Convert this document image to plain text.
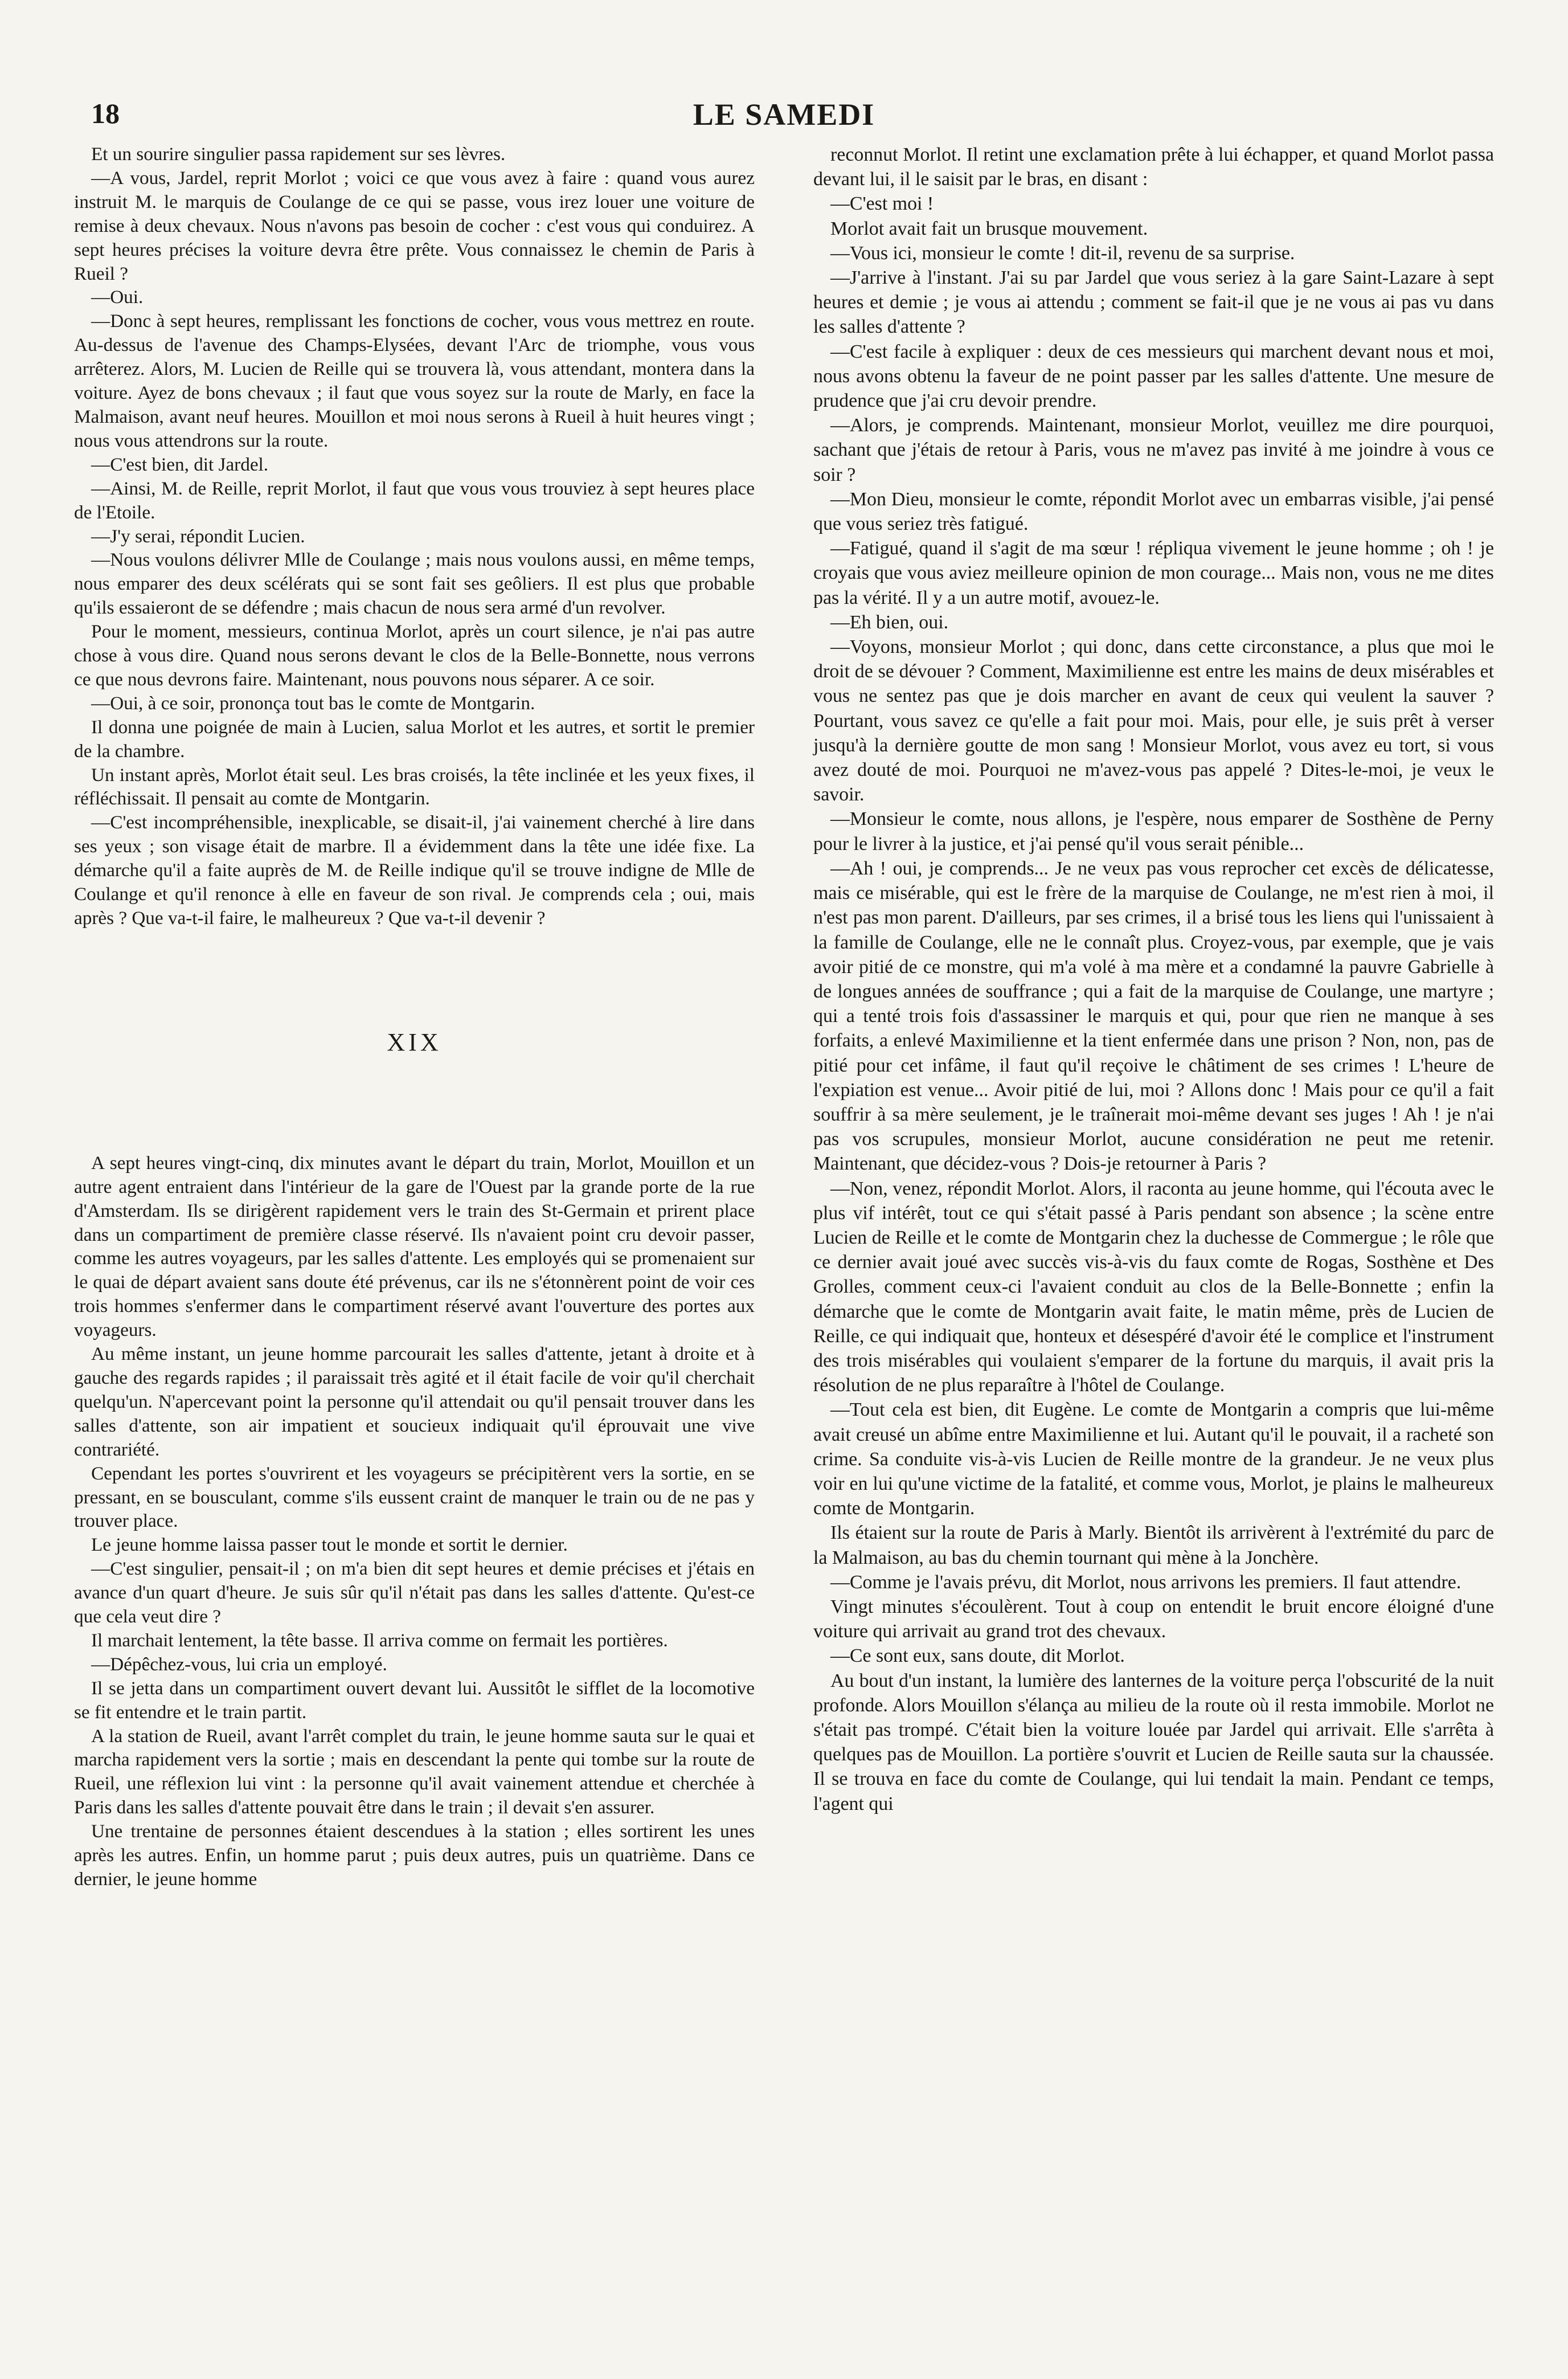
18	LE SAMEDI

Et un sourire singulier passa rapidement sur ses lèvres.

—A vous, Jardel, reprit Morlot ; voici ce que vous avez à faire : quand vous aurez instruit M. le marquis de Coulange de ce qui se passe, vous irez louer une voiture de remise à deux chevaux. Nous n'avons pas besoin de cocher : c'est vous qui conduirez. A sept heures précises la voiture devra être prête. Vous connaissez le chemin de Paris à Rueil ?

—Oui.

—Donc à sept heures, remplissant les fonctions de cocher, vous vous mettrez en route. Au-dessus de l'avenue des Champs-Elysées, devant l'Arc de triomphe, vous vous arrêterez. Alors, M. Lucien de Reille qui se trouvera là, vous attendant, montera dans la voiture. Ayez de bons chevaux ; il faut que vous soyez sur la route de Marly, en face la Malmaison, avant neuf heures. Mouillon et moi nous serons à Rueil à huit heures vingt ; nous vous attendrons sur la route.

—C'est bien, dit Jardel.

—Ainsi, M. de Reille, reprit Morlot, il faut que vous vous trouviez à sept heures place de l'Etoile.

—J'y serai, répondit Lucien.

—Nous voulons délivrer Mlle de Coulange ; mais nous voulons aussi, en même temps, nous emparer des deux scélérats qui se sont fait ses geôliers. Il est plus que probable qu'ils essaieront de se défendre ; mais chacun de nous sera armé d'un revolver.

Pour le moment, messieurs, continua Morlot, après un court silence, je n'ai pas autre chose à vous dire. Quand nous serons devant le clos de la Belle-Bonnette, nous verrons ce que nous devrons faire. Maintenant, nous pouvons nous séparer. A ce soir.

—Oui, à ce soir, prononça tout bas le comte de Montgarin.

Il donna une poignée de main à Lucien, salua Morlot et les autres, et sortit le premier de la chambre.

Un instant après, Morlot était seul. Les bras croisés, la tête inclinée et les yeux fixes, il réfléchissait. Il pensait au comte de Montgarin.

—C'est incompréhensible, inexplicable, se disait-il, j'ai vainement cherché à lire dans ses yeux ; son visage était de marbre. Il a évidemment dans la tête une idée fixe. La démarche qu'il a faite auprès de M. de Reille indique qu'il se trouve indigne de Mlle de Coulange et qu'il renonce à elle en faveur de son rival. Je comprends cela ; oui, mais après ? Que va-t-il faire, le malheureux ? Que va-t-il devenir ?

XIX

A sept heures vingt-cinq, dix minutes avant le départ du train, Morlot, Mouillon et un autre agent entraient dans l'intérieur de la gare de l'Ouest par la grande porte de la rue d'Amsterdam. Ils se dirigèrent rapidement vers le train des St-Germain et prirent place dans un compartiment de première classe réservé. Ils n'avaient point cru devoir passer, comme les autres voyageurs, par les salles d'attente. Les employés qui se promenaient sur le quai de départ avaient sans doute été prévenus, car ils ne s'étonnèrent point de voir ces trois hommes s'enfermer dans le compartiment réservé avant l'ouverture des portes aux voyageurs.

Au même instant, un jeune homme parcourait les salles d'attente, jetant à droite et à gauche des regards rapides ; il paraissait très agité et il était facile de voir qu'il cherchait quelqu'un. N'apercevant point la personne qu'il attendait ou qu'il pensait trouver dans les salles d'attente, son air impatient et soucieux indiquait qu'il éprouvait une vive contrariété.

Cependant les portes s'ouvrirent et les voyageurs se précipitèrent vers la sortie, en se pressant, en se bousculant, comme s'ils eussent craint de manquer le train ou de ne pas y trouver place.

Le jeune homme laissa passer tout le monde et sortit le dernier.

—C'est singulier, pensait-il ; on m'a bien dit sept heures et demie précises et j'étais en avance d'un quart d'heure. Je suis sûr qu'il n'était pas dans les salles d'attente. Qu'est-ce que cela veut dire ?

Il marchait lentement, la tête basse. Il arriva comme on fermait les portières.

—Dépêchez-vous, lui cria un employé.

Il se jetta dans un compartiment ouvert devant lui. Aussitôt le sifflet de la locomotive se fit entendre et le train partit.

A la station de Rueil, avant l'arrêt complet du train, le jeune homme sauta sur le quai et marcha rapidement vers la sortie ; mais en descendant la pente qui tombe sur la route de Rueil, une réflexion lui vint : la personne qu'il avait vainement attendue et cherchée à Paris dans les salles d'attente pouvait être dans le train ; il devait s'en assurer.

Une trentaine de personnes étaient descendues à la station ; elles sortirent les unes après les autres. Enfin, un homme parut ; puis deux autres, puis un quatrième. Dans ce dernier, le jeune homme

reconnut Morlot. Il retint une exclamation prête à lui échapper, et quand Morlot passa devant lui, il le saisit par le bras, en disant :

—C'est moi !

Morlot avait fait un brusque mouvement.

—Vous ici, monsieur le comte ! dit-il, revenu de sa surprise.

—J'arrive à l'instant. J'ai su par Jardel que vous seriez à la gare Saint-Lazare à sept heures et demie ; je vous ai attendu ; comment se fait-il que je ne vous ai pas vu dans les salles d'attente ?

—C'est facile à expliquer : deux de ces messieurs qui marchent devant nous et moi, nous avons obtenu la faveur de ne point passer par les salles d'attente. Une mesure de prudence que j'ai cru devoir prendre.

—Alors, je comprends. Maintenant, monsieur Morlot, veuillez me dire pourquoi, sachant que j'étais de retour à Paris, vous ne m'avez pas invité à me joindre à vous ce soir ?

—Mon Dieu, monsieur le comte, répondit Morlot avec un embarras visible, j'ai pensé que vous seriez très fatigué.

—Fatigué, quand il s'agit de ma sœur ! répliqua vivement le jeune homme ; oh ! je croyais que vous aviez meilleure opinion de mon courage... Mais non, vous ne me dites pas la vérité. Il y a un autre motif, avouez-le.

—Eh bien, oui.

—Voyons, monsieur Morlot ; qui donc, dans cette circonstance, a plus que moi le droit de se dévouer ? Comment, Maximilienne est entre les mains de deux misérables et vous ne sentez pas que je dois marcher en avant de ceux qui veulent la sauver ? Pourtant, vous savez ce qu'elle a fait pour moi. Mais, pour elle, je suis prêt à verser jusqu'à la dernière goutte de mon sang ! Monsieur Morlot, vous avez eu tort, si vous avez douté de moi. Pourquoi ne m'avez-vous pas appelé ? Dites-le-moi, je veux le savoir.

—Monsieur le comte, nous allons, je l'espère, nous emparer de Sosthène de Perny pour le livrer à la justice, et j'ai pensé qu'il vous serait pénible...

—Ah ! oui, je comprends... Je ne veux pas vous reprocher cet excès de délicatesse, mais ce misérable, qui est le frère de la marquise de Coulange, ne m'est rien à moi, il n'est pas mon parent. D'ailleurs, par ses crimes, il a brisé tous les liens qui l'unissaient à la famille de Coulange, elle ne le connaît plus. Croyez-vous, par exemple, que je vais avoir pitié de ce monstre, qui m'a volé à ma mère et a condamné la pauvre Gabrielle à de longues années de souffrance ; qui a fait de la marquise de Coulange, une martyre ; qui a tenté trois fois d'assassiner le marquis et qui, pour que rien ne manque à ses forfaits, a enlevé Maximilienne et la tient enfermée dans une prison ? Non, non, pas de pitié pour cet infâme, il faut qu'il reçoive le châtiment de ses crimes ! L'heure de l'expiation est venue... Avoir pitié de lui, moi ? Allons donc ! Mais pour ce qu'il a fait souffrir à sa mère seulement, je le traînerait moi-même devant ses juges ! Ah ! je n'ai pas vos scrupules, monsieur Morlot, aucune considération ne peut me retenir. Maintenant, que décidez-vous ? Dois-je retourner à Paris ?

—Non, venez, répondit Morlot. Alors, il raconta au jeune homme, qui l'écouta avec le plus vif intérêt, tout ce qui s'était passé à Paris pendant son absence ; la scène entre Lucien de Reille et le comte de Montgarin chez la duchesse de Commergue ; le rôle que ce dernier avait joué avec succès vis-à-vis du faux comte de Rogas, Sosthène et Des Grolles, comment ceux-ci l'avaient conduit au clos de la Belle-Bonnette ; enfin la démarche que le comte de Montgarin avait faite, le matin même, près de Lucien de Reille, ce qui indiquait que, honteux et désespéré d'avoir été le complice et l'instrument des trois misérables qui voulaient s'emparer de la fortune du marquis, il avait pris la résolution de ne plus reparaître à l'hôtel de Coulange.

—Tout cela est bien, dit Eugène. Le comte de Montgarin a compris que lui-même avait creusé un abîme entre Maximilienne et lui. Autant qu'il le pouvait, il a racheté son crime. Sa conduite vis-à-vis Lucien de Reille montre de la grandeur. Je ne veux plus voir en lui qu'une victime de la fatalité, et comme vous, Morlot, je plains le malheureux comte de Montgarin.

Ils étaient sur la route de Paris à Marly. Bientôt ils arrivèrent à l'extrémité du parc de la Malmaison, au bas du chemin tournant qui mène à la Jonchère.

—Comme je l'avais prévu, dit Morlot, nous arrivons les premiers. Il faut attendre.

Vingt minutes s'écoulèrent. Tout à coup on entendit le bruit encore éloigné d'une voiture qui arrivait au grand trot des chevaux.

—Ce sont eux, sans doute, dit Morlot.

Au bout d'un instant, la lumière des lanternes de la voiture perça l'obscurité de la nuit profonde. Alors Mouillon s'élança au milieu de la route où il resta immobile. Morlot ne s'était pas trompé. C'était bien la voiture louée par Jardel qui arrivait. Elle s'arrêta à quelques pas de Mouillon. La portière s'ouvrit et Lucien de Reille sauta sur la chaussée. Il se trouva en face du comte de Coulange, qui lui tendait la main. Pendant ce temps, l'agent qui
